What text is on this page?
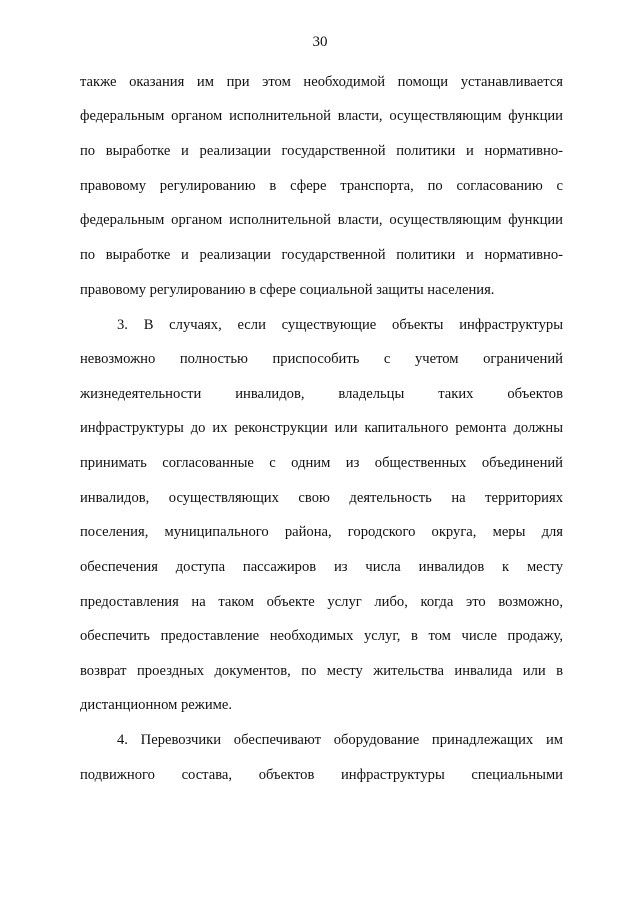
30
также оказания им при этом необходимой помощи устанавливается
федеральным органом исполнительной власти, осуществляющим функции
по выработке и реализации государственной политики и нормативно-
правовому регулированию в сфере транспорта, по согласованию с
федеральным органом исполнительной власти, осуществляющим функции
по выработке и реализации государственной политики и нормативно-
правовому регулированию в сфере социальной защиты населения.
3. В случаях, если существующие объекты инфраструктуры
невозможно полностью приспособить с учетом ограничений
жизнедеятельности инвалидов, владельцы таких объектов
инфраструктуры до их реконструкции или капитального ремонта должны
принимать согласованные с одним из общественных объединений
инвалидов, осуществляющих свою деятельность на территориях
поселения, муниципального района, городского округа, меры для
обеспечения доступа пассажиров из числа инвалидов к месту
предоставления на таком объекте услуг либо, когда это возможно,
обеспечить предоставление необходимых услуг, в том числе продажу,
возврат проездных документов, по месту жительства инвалида или в
дистанционном режиме.
4. Перевозчики обеспечивают оборудование принадлежащих им
подвижного состава, объектов инфраструктуры специальными
